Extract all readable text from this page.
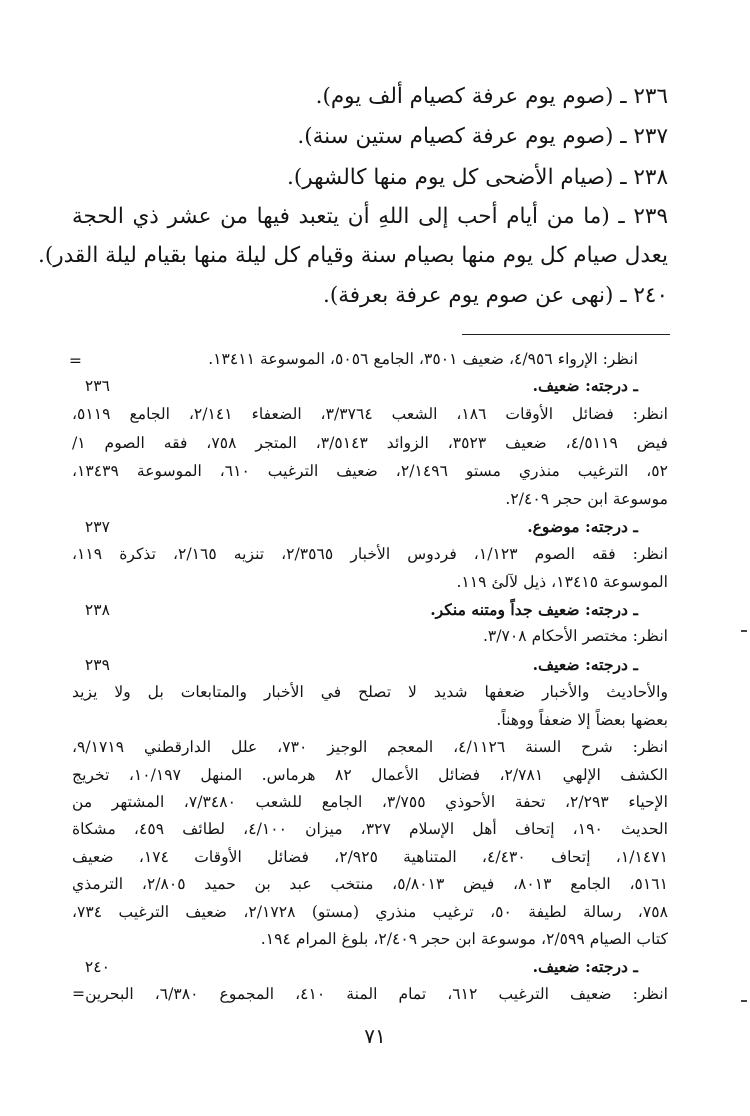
٢٣٦ ـ (صوم يوم عرفة كصيام ألف يوم).
٢٣٧ ـ (صوم يوم عرفة كصيام ستين سنة).
٢٣٨ ـ (صيام الأضحى كل يوم منها كالشهر).
٢٣٩ ـ (ما من أيام أحب إلى اللهِ أن يتعبد فيها من عشر ذي الحجة
يعدل صيام كل يوم منها بصيام سنة وقيام كل ليلة منها بقيام ليلة القدر).
٢٤٠ ـ (نهى عن صوم يوم عرفة بعرفة).
=	انظر: الإرواء ٤/٩٥٦، ضعيف ٣٥٠١، الجامع ٥٠٥٦، الموسوعة ١٣٤١١.
٢٣٦	ـ درجته: ضعيف.
انظر: فضائل الأوقات ١٨٦، الشعب ٣/٣٧٦٤، الضعفاء ٢/١٤١، الجامع ٥١١٩،
فيض ٤/٥١١٩، ضعيف ٣٥٢٣، الزوائد ٣/٥١٤٣، المتجر ٧٥٨، فقه الصوم ١/
٥٢، الترغيب منذري مستو ٢/١٤٩٦، ضعيف الترغيب ٦١٠، الموسوعة ١٣٤٣٩،
موسوعة ابن حجر ٢/٤٠٩.
٢٣٧	ـ درجته: موضوع.
انظر: فقه الصوم ١/١٢٣، فردوس الأخبار ٢/٣٥٦٥، تنزيه ٢/١٦٥، تذكرة ١١٩،
الموسوعة ١٣٤١٥، ذيل لآلئ ١١٩.
٢٣٨	ـ درجته: ضعيف جداً ومتنه منكر.
انظر: مختصر الأحكام ٣/٧٠٨.
٢٣٩	ـ درجته: ضعيف.
والأحاديث والأخبار ضعفها شديد لا تصلح في الأخبار والمتابعات بل ولا يزيد
بعضها بعضاً إلا ضعفاً ووهناً.
انظر: شرح السنة ٤/١١٢٦، المعجم الوجيز ٧٣٠، علل الدارقطني ٩/١٧١٩،
الكشف الإلهي ٢/٧٨١، فضائل الأعمال ٨٢ هرماس. المنهل ١٠/١٩٧، تخريج
الإحياء ٢/٢٩٣، تحفة الأحوذي ٣/٧٥٥، الجامع للشعب ٧/٣٤٨٠، المشتهر من
الحديث ١٩٠، إتحاف أهل الإسلام ٣٢٧، ميزان ٤/١٠٠، لطائف ٤٥٩، مشكاة
١/١٤٧١، إتحاف ٤/٤٣٠، المتناهية ٢/٩٢٥، فضائل الأوقات ١٧٤، ضعيف
٥١٦١، الجامع ٨٠١٣، فيض ٥/٨٠١٣، منتخب عبد بن حميد ٢/٨٠٥، الترمذي
٧٥٨، رسالة لطيفة ٥٠، ترغيب منذري (مستو) ٢/١٧٢٨، ضعيف الترغيب ٧٣٤،
كتاب الصيام ٢/٥٩٩، موسوعة ابن حجر ٢/٤٠٩، بلوغ المرام ١٩٤.
٢٤٠	ـ درجته: ضعيف.
انظر: ضعيف الترغيب ٦١٢، تمام المنة ٤١٠، المجموع ٦/٣٨٠، البحرين=
٧١
